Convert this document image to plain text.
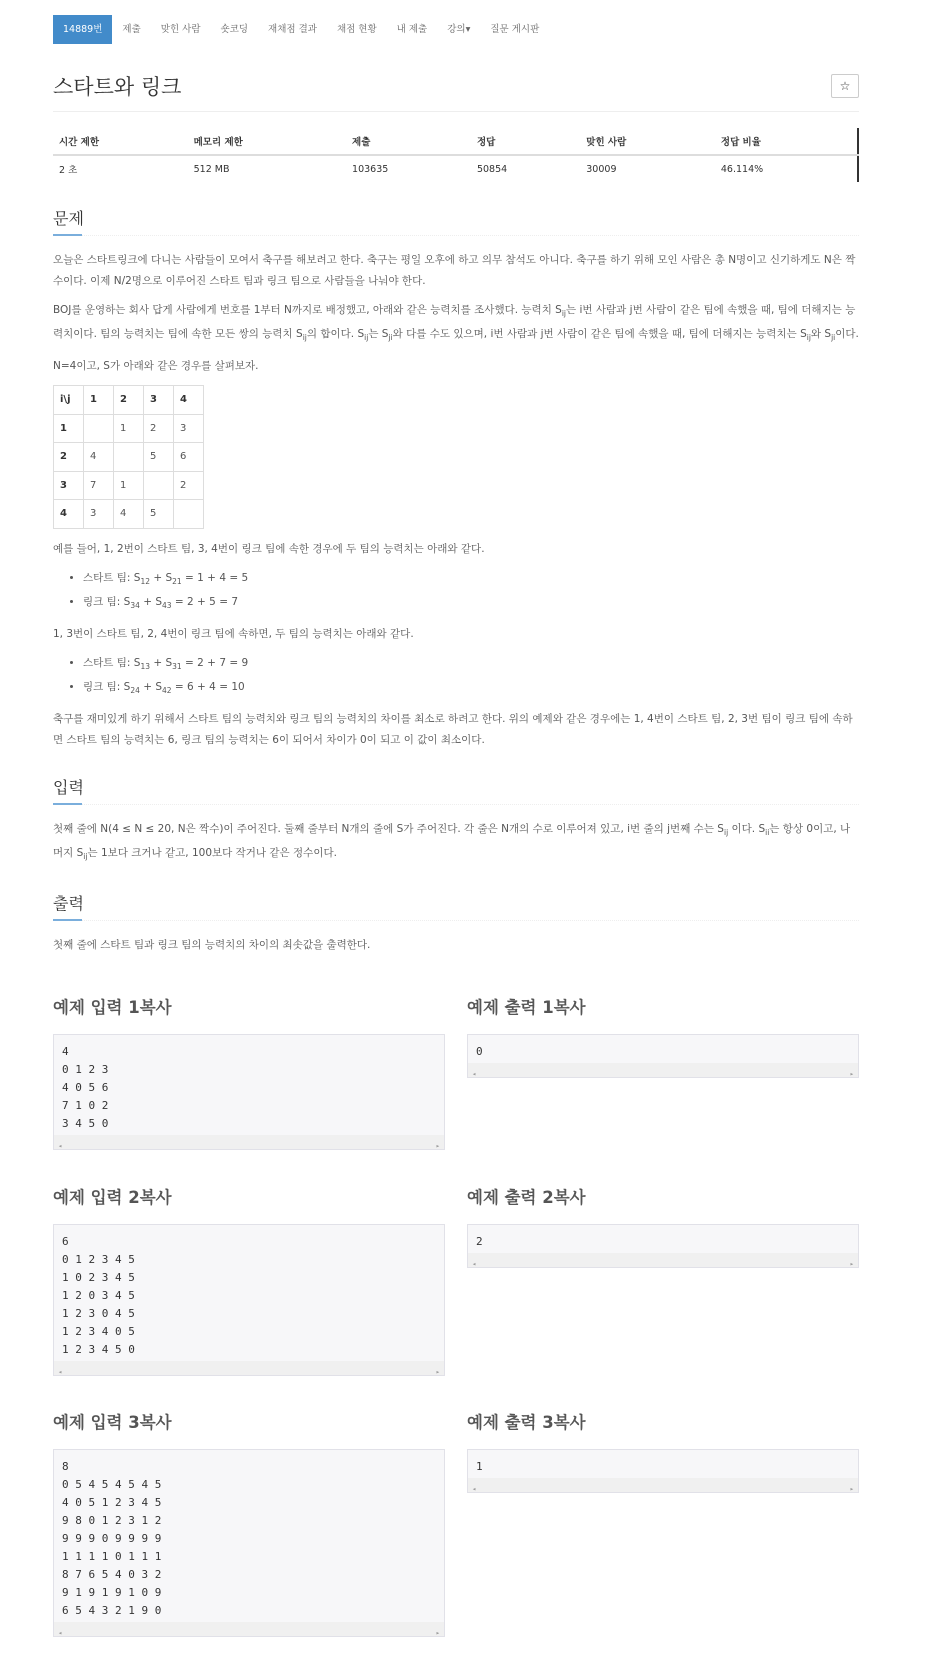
14889번	제출	맞힌 사람	숏코딩	재채점 결과	채점 현황	내 제출	강의▾	질문 게시판
스타트와 링크	☆
시간 제한	메모리 제한	제출	정답	맞힌 사람	정답 비율
2 초	512 MB	103635	50854	30009	46.114%
문제

오늘은 스타트링크에 다니는 사람들이 모여서 축구를 해보려고 한다. 축구는 평일 오후에 하고 의무 참석도 아니다. 축구를 하기 위해 모인 사람은 총 N명이고 신기하게도 N은 짝수이다. 이제 N/2명으로 이루어진 스타트 팀과 링크 팀으로 사람들을 나눠야 한다.

BOJ를 운영하는 회사 답게 사람에게 번호를 1부터 N까지로 배정했고, 아래와 같은 능력치를 조사했다. 능력치 $S_{ij}$는 i번 사람과 j번 사람이 같은 팀에 속했을 때, 팀에 더해지는 능력치이다. 팀의 능력치는 팀에 속한 모든 쌍의 능력치 $S_{ij}$의 합이다. $S_{ij}$는 $S_{ji}$와 다를 수도 있으며, i번 사람과 j번 사람이 같은 팀에 속했을 때, 팀에 더해지는 능력치는 $S_{ij}$와 $S_{ji}$이다.

N=4이고, S가 아래와 같은 경우를 살펴보자.

i\j	1	2	3	4
1		1	2	3
2	4		5	6
3	7	1		2
4	3	4	5	

예를 들어, 1, 2번이 스타트 팀, 3, 4번이 링크 팀에 속한 경우에 두 팀의 능력치는 아래와 같다.

• 스타트 팀: $S_{12} + S_{21} = 1 + 4 = 5$
• 링크 팀: $S_{34} + S_{43} = 2 + 5 = 7$

1, 3번이 스타트 팀, 2, 4번이 링크 팀에 속하면, 두 팀의 능력치는 아래와 같다.

• 스타트 팀: $S_{13} + S_{31} = 2 + 7 = 9$
• 링크 팀: $S_{24} + S_{42} = 6 + 4 = 10$

축구를 재미있게 하기 위해서 스타트 팀의 능력치와 링크 팀의 능력치의 차이를 최소로 하려고 한다. 위의 예제와 같은 경우에는 1, 4번이 스타트 팀, 2, 3번 팀이 링크 팀에 속하면 스타트 팀의 능력치는 6, 링크 팀의 능력치는 6이 되어서 차이가 0이 되고 이 값이 최소이다.

입력

첫째 줄에 N(4 ≤ N ≤ 20, N은 짝수)이 주어진다. 둘째 줄부터 N개의 줄에 S가 주어진다. 각 줄은 N개의 수로 이루어져 있고, i번 줄의 j번째 수는 $S_{ij}$ 이다. $S_{ii}$는 항상 0이고, 나머지 $S_{ij}$는 1보다 크거나 같고, 100보다 작거나 같은 정수이다.

출력

첫째 줄에 스타트 팀과 링크 팀의 능력치의 차이의 최솟값을 출력한다.

예제 입력 1복사
4
0 1 2 3
4 0 5 6
7 1 0 2
3 4 5 0
◂	▸
예제 출력 1복사
0
◂	▸
예제 입력 2복사
6
0 1 2 3 4 5
1 0 2 3 4 5
1 2 0 3 4 5
1 2 3 0 4 5
1 2 3 4 0 5
1 2 3 4 5 0
◂	▸
예제 출력 2복사
2
◂	▸
예제 입력 3복사
8
0 5 4 5 4 5 4 5
4 0 5 1 2 3 4 5
9 8 0 1 2 3 1 2
9 9 9 0 9 9 9 9
1 1 1 1 0 1 1 1
8 7 6 5 4 0 3 2
9 1 9 1 9 1 0 9
6 5 4 3 2 1 9 0
◂	▸
예제 출력 3복사
1
◂	▸
